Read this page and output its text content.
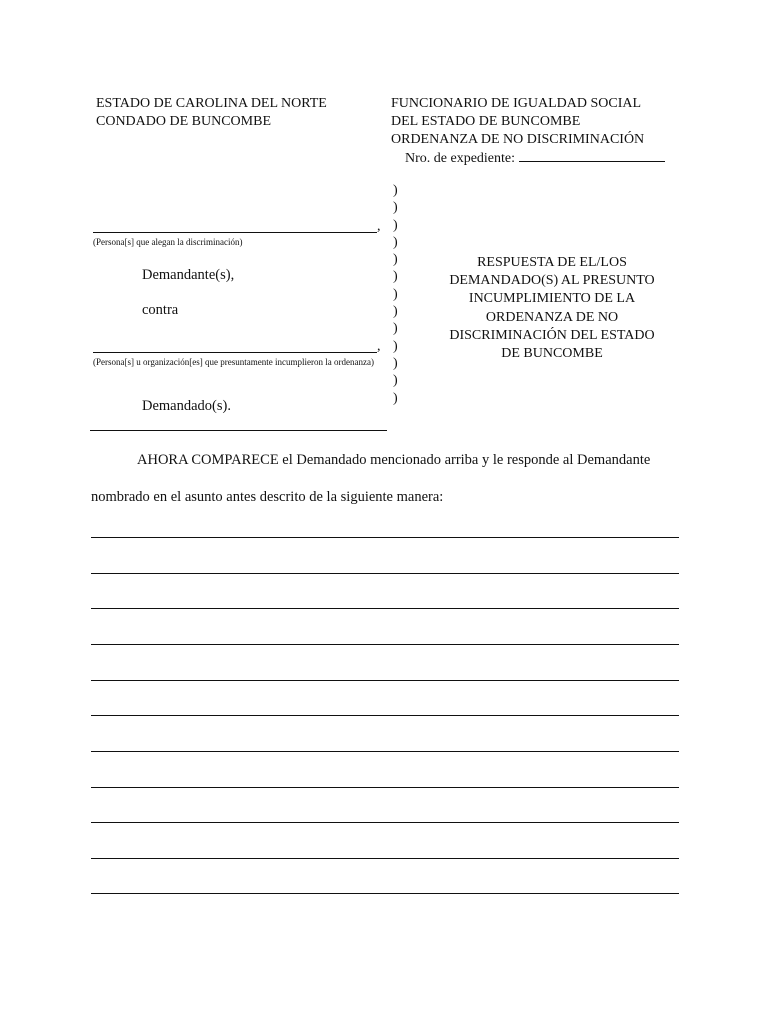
ESTADO DE CAROLINA DEL NORTE
CONDADO DE BUNCOMBE
FUNCIONARIO DE IGUALDAD SOCIAL
DEL ESTADO DE BUNCOMBE
ORDENANZA DE NO DISCRIMINACIÓN
Nro. de expediente:
,
(Persona[s] que alegan la discriminación)
Demandante(s),
contra
,
(Persona[s] u organización[es] que presuntamente incumplieron la ordenanza)
Demandado(s).
)
)
)
)
)
)
)
)
)
)
)
)
)
RESPUESTA DE EL/LOS
DEMANDADO(S) AL PRESUNTO
INCUMPLIMIENTO DE LA
ORDENANZA DE NO
DISCRIMINACIÓN DEL ESTADO
DE BUNCOMBE
AHORA COMPARECE el Demandado mencionado arriba y le responde al Demandante
nombrado en el asunto antes descrito de la siguiente manera:
